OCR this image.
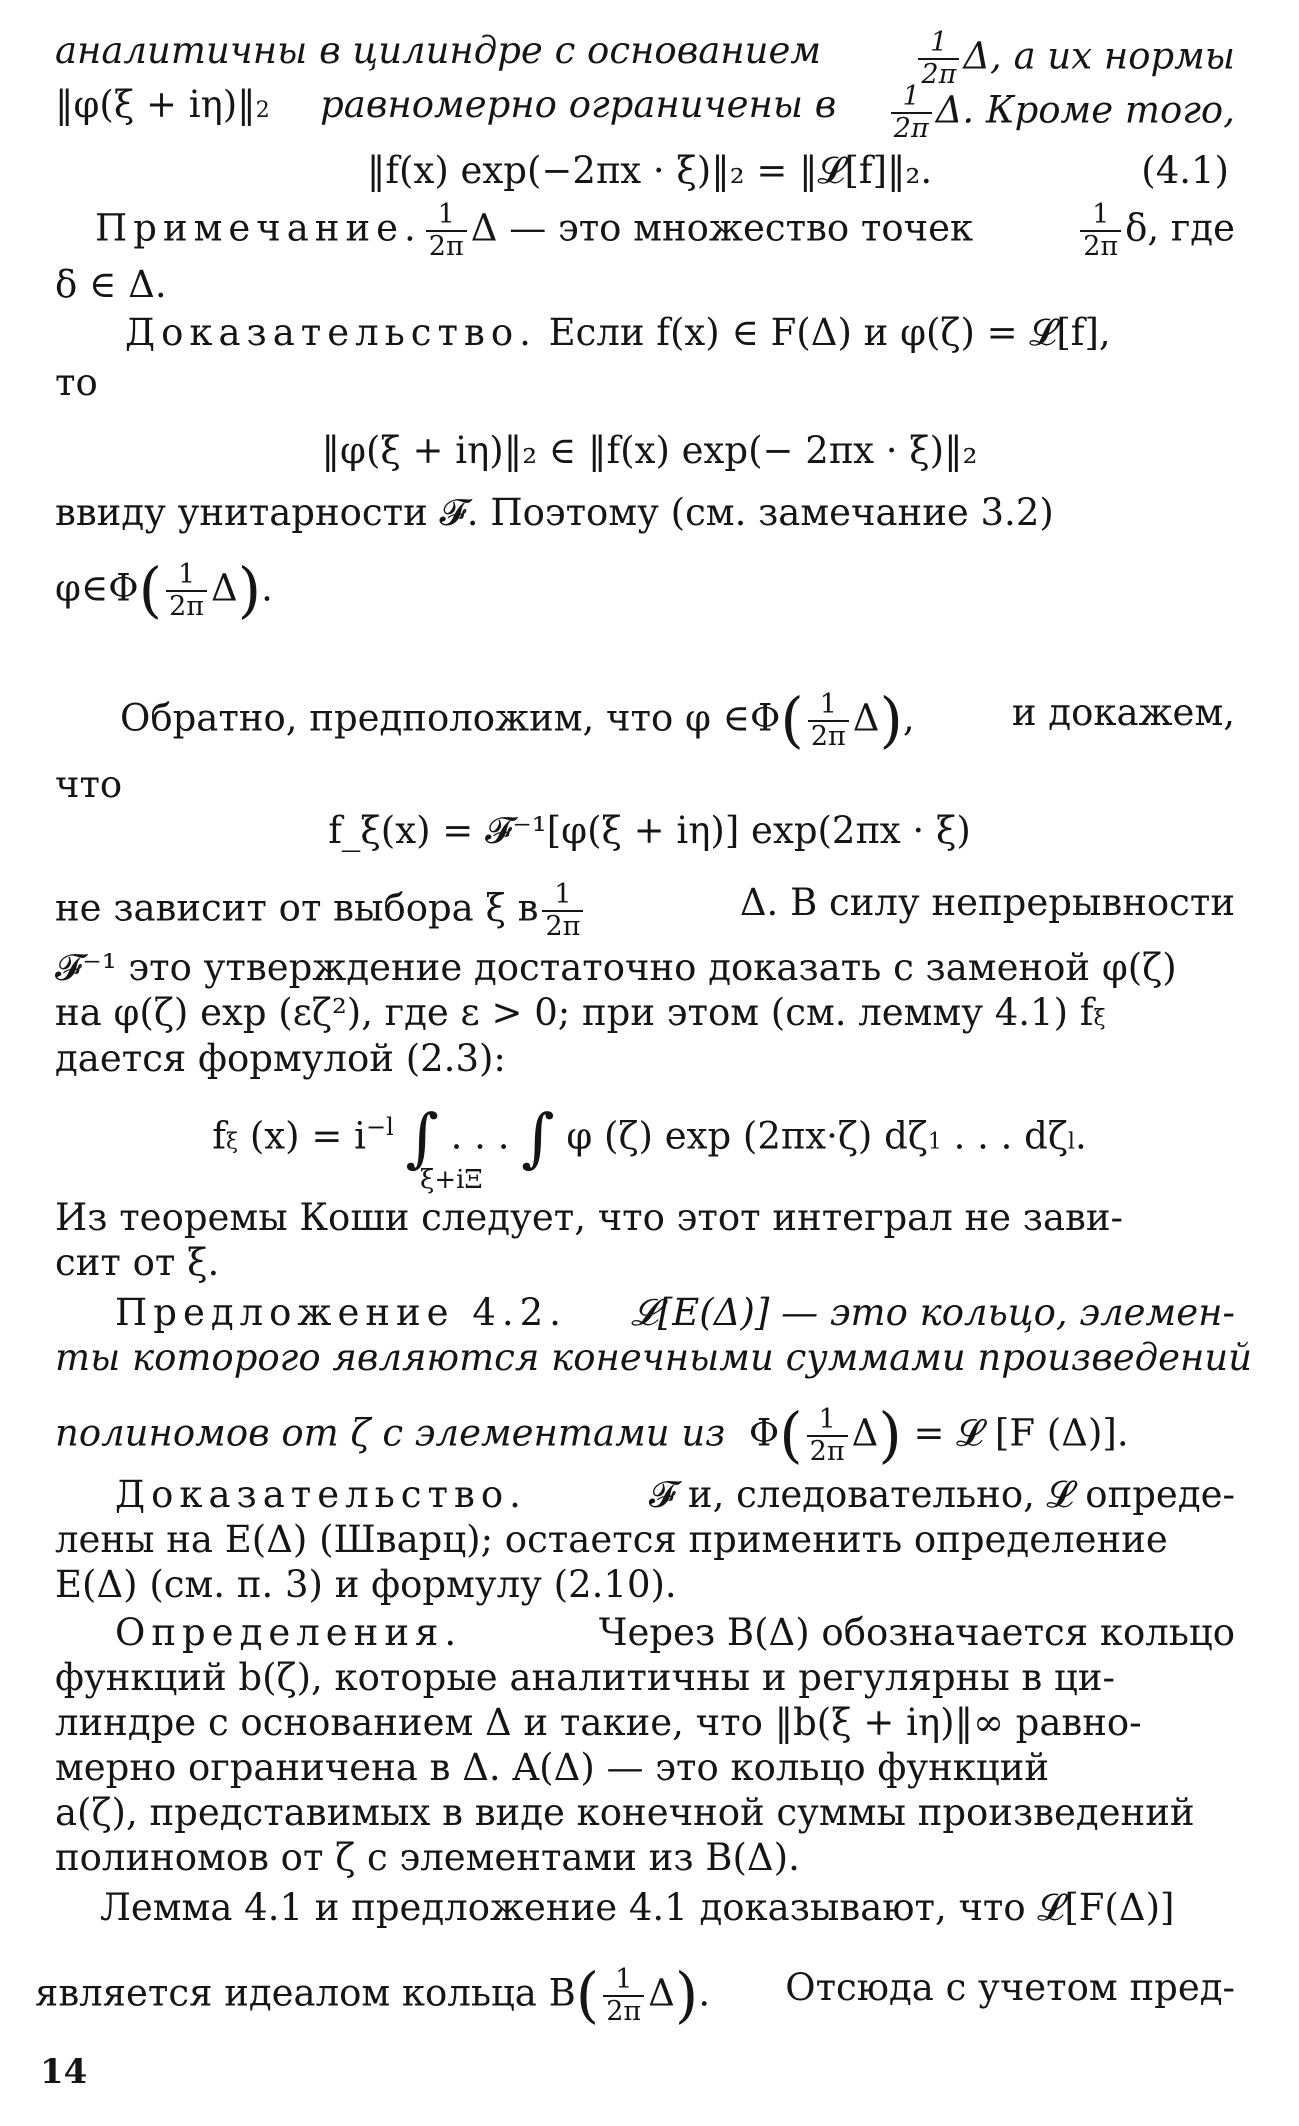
аналитичны в цилиндре с основанием	$\frac{1}{2\pi} \Delta$, а их нормы
‖φ(ξ + iη)‖2 равномерно ограничены в $\frac{1}{2\pi} \Delta$. Кроме того,
‖f(x) exp(−2πx · ξ)‖₂ = ‖𝓛[f]‖₂.	(4.1)
Примечание. $\frac{1}{2\pi}$ Δ — это множество точек	$\frac{1}{2\pi} \delta$, где
δ ∈ Δ.
Доказательство. Если f(x) ∈ F(Δ) и φ(ζ) = 𝓛[f],
то
‖φ(ξ + iη)‖₂ ∈ ‖f(x) exp(− 2πx · ξ)‖₂
ввиду унитарности 𝓕. Поэтому (см. замечание 3.2)
φ∈Φ( $\frac{1}{2\pi} \Delta$).
Обратно, предположим, что φ ∈Φ( $\frac{1}{2\pi} \Delta$),	и докажем,
что
f_ξ(x) = 𝓕⁻¹[φ(ξ + iη)] exp(2πx · ξ)
не зависит от выбора ξ в $\frac{1}{2\pi}$	Δ. В силу непрерывности
𝓕⁻¹ это утверждение достаточно доказать с заменой φ(ζ)
на φ(ζ) exp (εζ²), где ε > 0; при этом (см. лемму 4.1) fξ
дается формулой (2.3):
fξ $(x) = i^{-l}$ ∫ . . . ∫ φ (ζ) exp (2πx·ζ) dζ1 . . . dζl.
ξ+iΞ
Из теоремы Коши следует, что этот интеграл не зави-
сит от ξ.
Предложение 4.2. 𝓛[E(Δ)] — это кольцо, элемен-
ты которого являются конечными суммами произведений
полиномов от ζ с элементами из  $\Phi( \frac{1}{2\pi} \Delta)$ = 𝓛 [F (Δ)].
Доказательство.	𝓕 и, следовательно, 𝓛 опреде-
лены на E(Δ) (Шварц); остается применить определение
E(Δ) (см. п. 3) и формулу (2.10).
Определения.	Через B(Δ) обозначается кольцо
функций b(ζ), которые аналитичны и регулярны в ци-
линдре с основанием Δ и такие, что ‖b(ξ + iη)‖∞ равно-
мерно ограничена в Δ. A(Δ) — это кольцо функций
a(ζ), представимых в виде конечной суммы произведений
полиномов от ζ с элементами из B(Δ).
Лемма 4.1 и предложение 4.1 доказывают, что 𝓛[F(Δ)]
является идеалом кольца $B( \frac{1}{2\pi} \Delta)$. Отсюда с учетом пред-
14
